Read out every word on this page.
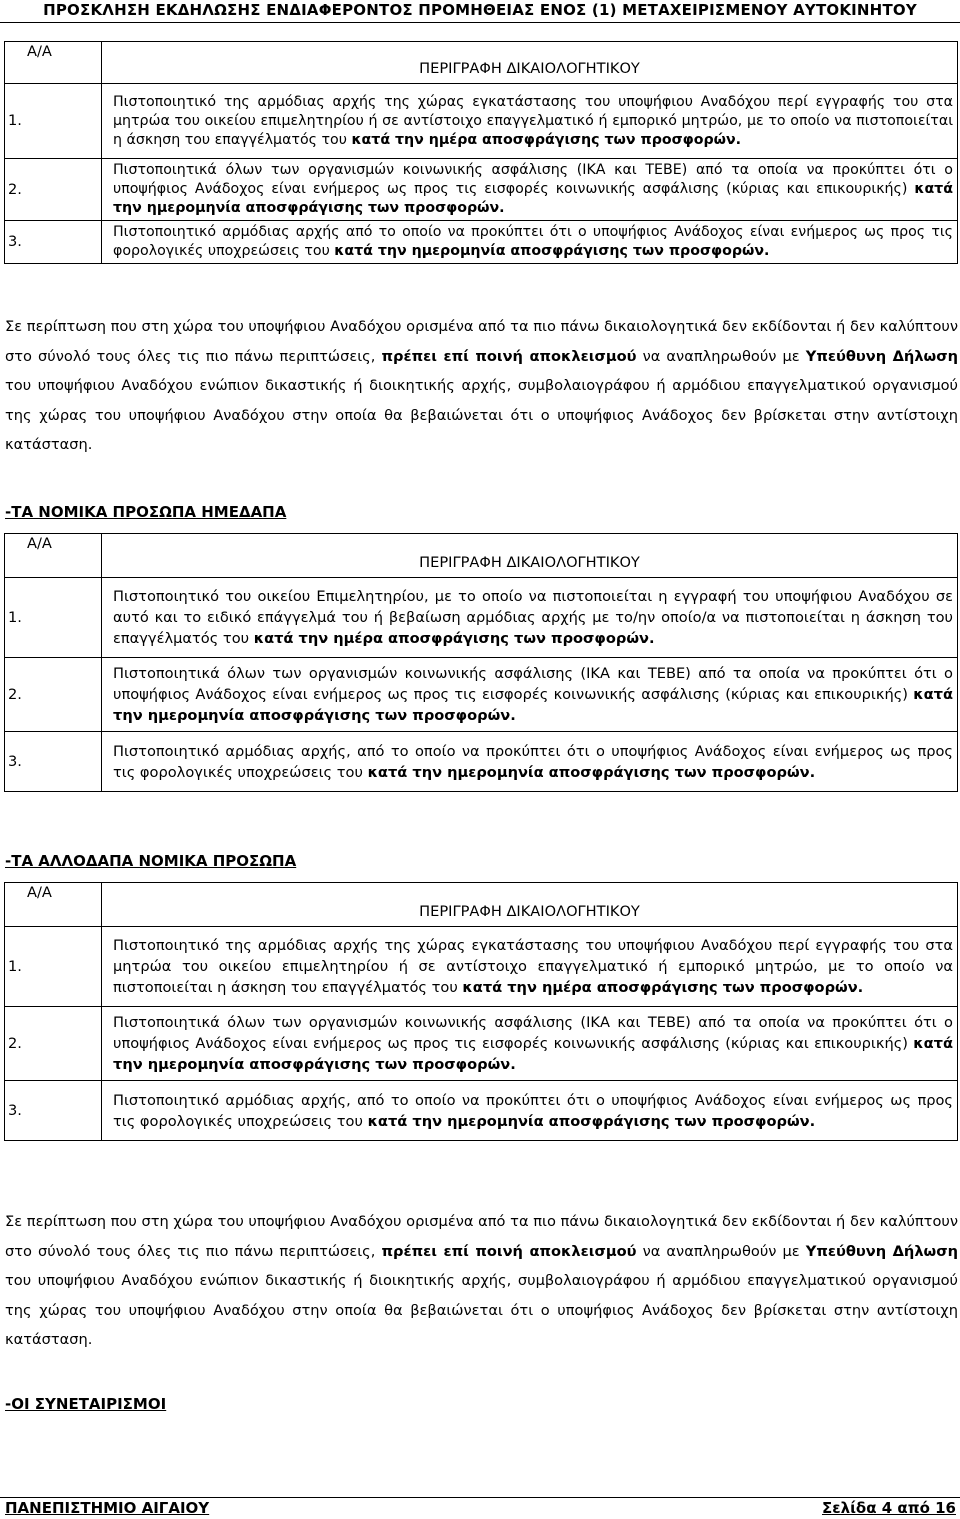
ΠΡΟΣΚΛΗΣΗ ΕΚΔΗΛΩΣΗΣ ΕΝΔΙΑΦΕΡΟΝΤΟΣ ΠΡΟΜΗΘΕΙΑΣ ΕΝΟΣ (1) ΜΕΤΑΧΕΙΡΙΣΜΕΝΟΥ ΑΥΤΟΚΙΝΗΤΟΥ
Α/Α	ΠΕΡΙΓΡΑΦΗ ΔΙΚΑΙΟΛΟΓΗΤΙΚΟΥ
1.	Πιστοποιητικό της αρμόδιας αρχής της χώρας εγκατάστασης του υποψήφιου Αναδόχου περί εγγραφής του στα μητρώα του οικείου επιμελητηρίου ή σε αντίστοιχο επαγγελματικό ή εμπορικό μητρώο, με το οποίο να πιστοποιείται η άσκηση του επαγγέλματός του κατά την ημέρα αποσφράγισης των προσφορών.
2.	Πιστοποιητικά όλων των οργανισμών κοινωνικής ασφάλισης (ΙΚΑ και ΤΕΒΕ) από τα οποία να προκύπτει ότι ο υποψήφιος Ανάδοχος είναι ενήμερος ως προς τις εισφορές κοινωνικής ασφάλισης (κύριας και επικουρικής) κατά την ημερομηνία αποσφράγισης των προσφορών.
3.	Πιστοποιητικό αρμόδιας αρχής από το οποίο να προκύπτει ότι ο υποψήφιος Ανάδοχος είναι ενήμερος ως προς τις φορολογικές υποχρεώσεις του κατά την ημερομηνία αποσφράγισης των προσφορών.
Σε περίπτωση που στη χώρα του υποψήφιου Αναδόχου ορισμένα από τα πιο πάνω δικαιολογητικά δεν εκδίδονται ή δεν καλύπτουν στο σύνολό τους όλες τις πιο πάνω περιπτώσεις, πρέπει επί ποινή αποκλεισμού να αναπληρωθούν με Υπεύθυνη Δήλωση του υποψήφιου Αναδόχου ενώπιον δικαστικής ή διοικητικής αρχής, συμβολαιογράφου ή αρμόδιου επαγγελματικού οργανισμού της χώρας του υποψήφιου Αναδόχου στην οποία θα βεβαιώνεται ότι ο υποψήφιος Ανάδοχος δεν βρίσκεται στην αντίστοιχη κατάσταση.
-ΤΑ ΝΟΜΙΚΑ ΠΡΟΣΩΠΑ ΗΜΕΔΑΠΑ
Α/Α	ΠΕΡΙΓΡΑΦΗ ΔΙΚΑΙΟΛΟΓΗΤΙΚΟΥ
1.	Πιστοποιητικό του οικείου Επιμελητηρίου, με το οποίο να πιστοποιείται η εγγραφή του υποψήφιου Αναδόχου σε αυτό και το ειδικό επάγγελμά του ή βεβαίωση αρμόδιας αρχής με το/ην οποίο/α να πιστοποιείται η άσκηση του επαγγέλματός του κατά την ημέρα αποσφράγισης των προσφορών.
2.	Πιστοποιητικά όλων των οργανισμών κοινωνικής ασφάλισης (ΙΚΑ και ΤΕΒΕ) από τα οποία να προκύπτει ότι ο υποψήφιος Ανάδοχος είναι ενήμερος ως προς τις εισφορές κοινωνικής ασφάλισης (κύριας και επικουρικής) κατά την ημερομηνία αποσφράγισης των προσφορών.
3.	Πιστοποιητικό αρμόδιας αρχής, από το οποίο να προκύπτει ότι ο υποψήφιος Ανάδοχος είναι ενήμερος ως προς τις φορολογικές υποχρεώσεις του κατά την ημερομηνία αποσφράγισης των προσφορών.
-ΤΑ ΑΛΛΟΔΑΠΑ ΝΟΜΙΚΑ ΠΡΟΣΩΠΑ
Α/Α	ΠΕΡΙΓΡΑΦΗ ΔΙΚΑΙΟΛΟΓΗΤΙΚΟΥ
1.	Πιστοποιητικό της αρμόδιας αρχής της χώρας εγκατάστασης του υποψήφιου Αναδόχου περί εγγραφής του στα μητρώα του οικείου επιμελητηρίου ή σε αντίστοιχο επαγγελματικό ή εμπορικό μητρώο, με το οποίο να πιστοποιείται η άσκηση του επαγγέλματός του κατά την ημέρα αποσφράγισης των προσφορών.
2.	Πιστοποιητικά όλων των οργανισμών κοινωνικής ασφάλισης (ΙΚΑ και ΤΕΒΕ) από τα οποία να προκύπτει ότι ο υποψήφιος Ανάδοχος είναι ενήμερος ως προς τις εισφορές κοινωνικής ασφάλισης (κύριας και επικουρικής) κατά την ημερομηνία αποσφράγισης των προσφορών.
3.	Πιστοποιητικό αρμόδιας αρχής, από το οποίο να προκύπτει ότι ο υποψήφιος Ανάδοχος είναι ενήμερος ως προς τις φορολογικές υποχρεώσεις του κατά την ημερομηνία αποσφράγισης των προσφορών.
Σε περίπτωση που στη χώρα του υποψήφιου Αναδόχου ορισμένα από τα πιο πάνω δικαιολογητικά δεν εκδίδονται ή δεν καλύπτουν στο σύνολό τους όλες τις πιο πάνω περιπτώσεις, πρέπει επί ποινή αποκλεισμού να αναπληρωθούν με Υπεύθυνη Δήλωση του υποψήφιου Αναδόχου ενώπιον δικαστικής ή διοικητικής αρχής, συμβολαιογράφου ή αρμόδιου επαγγελματικού οργανισμού της χώρας του υποψήφιου Αναδόχου στην οποία θα βεβαιώνεται ότι ο υποψήφιος Ανάδοχος δεν βρίσκεται στην αντίστοιχη κατάσταση.
-ΟΙ ΣΥΝΕΤΑΙΡΙΣΜΟΙ
ΠΑΝΕΠΙΣΤΗΜΙΟ ΑΙΓΑΙΟΥ	Σελίδα 4 από 16
